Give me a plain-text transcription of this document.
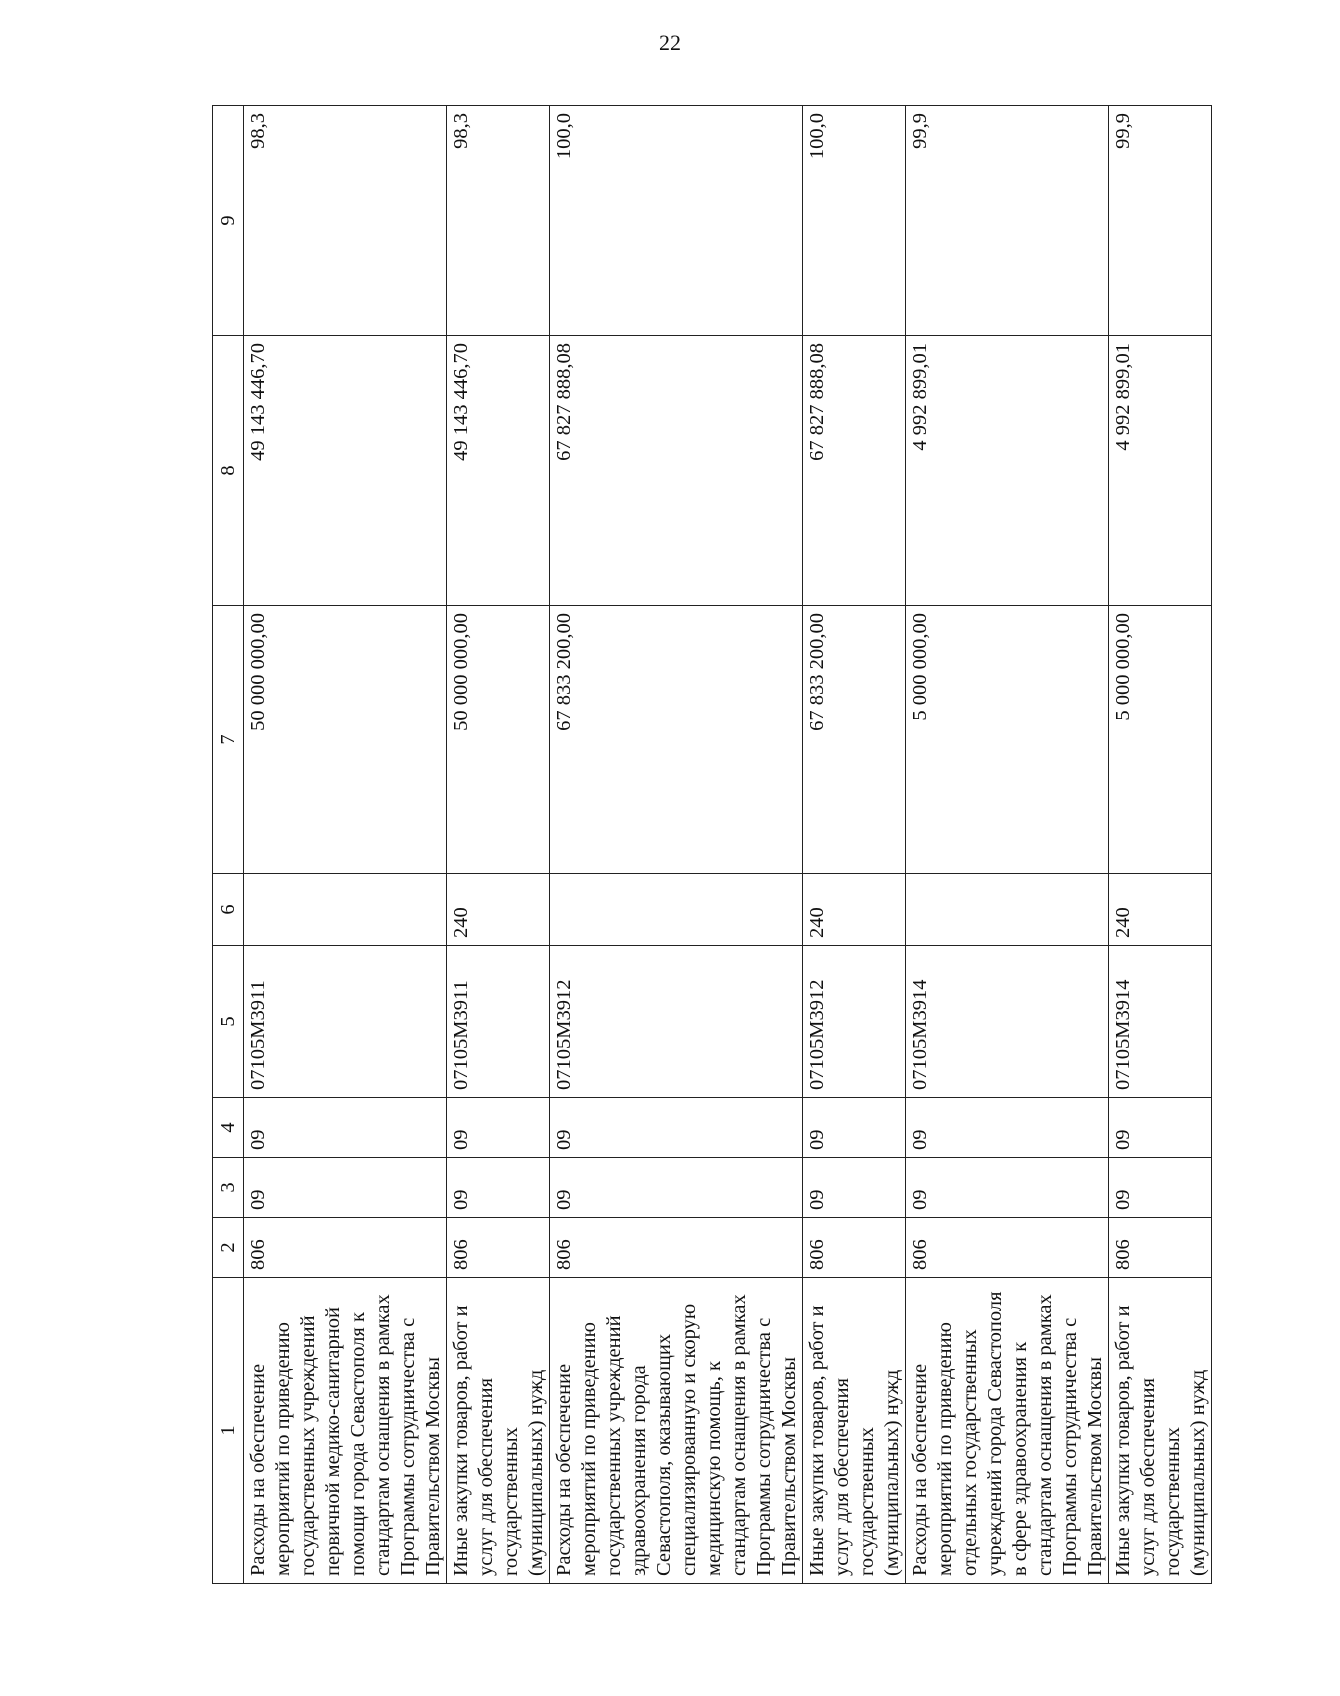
22
1	2	3	4	5	6	7	8	9
Расходы на обеспечение мероприятий по приведению государственных учреждений первичной медико-санитарной помощи города Севастополя к стандартам оснащения в рамках Программы сотрудничества с Правительством Москвы	806	09	09	07105М3911		50 000 000,00	49 143 446,70	98,3
Иные закупки товаров, работ и услуг для обеспечения государственных (муниципальных) нужд	806	09	09	07105М3911	240	50 000 000,00	49 143 446,70	98,3
Расходы на обеспечение мероприятий по приведению государственных учреждений здравоохранения города Севастополя, оказывающих специализированную и скорую медицинскую помощь, к стандартам оснащения в рамках Программы сотрудничества с Правительством Москвы	806	09	09	07105М3912		67 833 200,00	67 827 888,08	100,0
Иные закупки товаров, работ и услуг для обеспечения государственных (муниципальных) нужд	806	09	09	07105М3912	240	67 833 200,00	67 827 888,08	100,0
Расходы на обеспечение мероприятий по приведению отдельных государственных учреждений города Севастополя в сфере здравоохранения к стандартам оснащения в рамках Программы сотрудничества с Правительством Москвы	806	09	09	07105М3914		5 000 000,00	4 992 899,01	99,9
Иные закупки товаров, работ и услуг для обеспечения государственных (муниципальных) нужд	806	09	09	07105М3914	240	5 000 000,00	4 992 899,01	99,9
